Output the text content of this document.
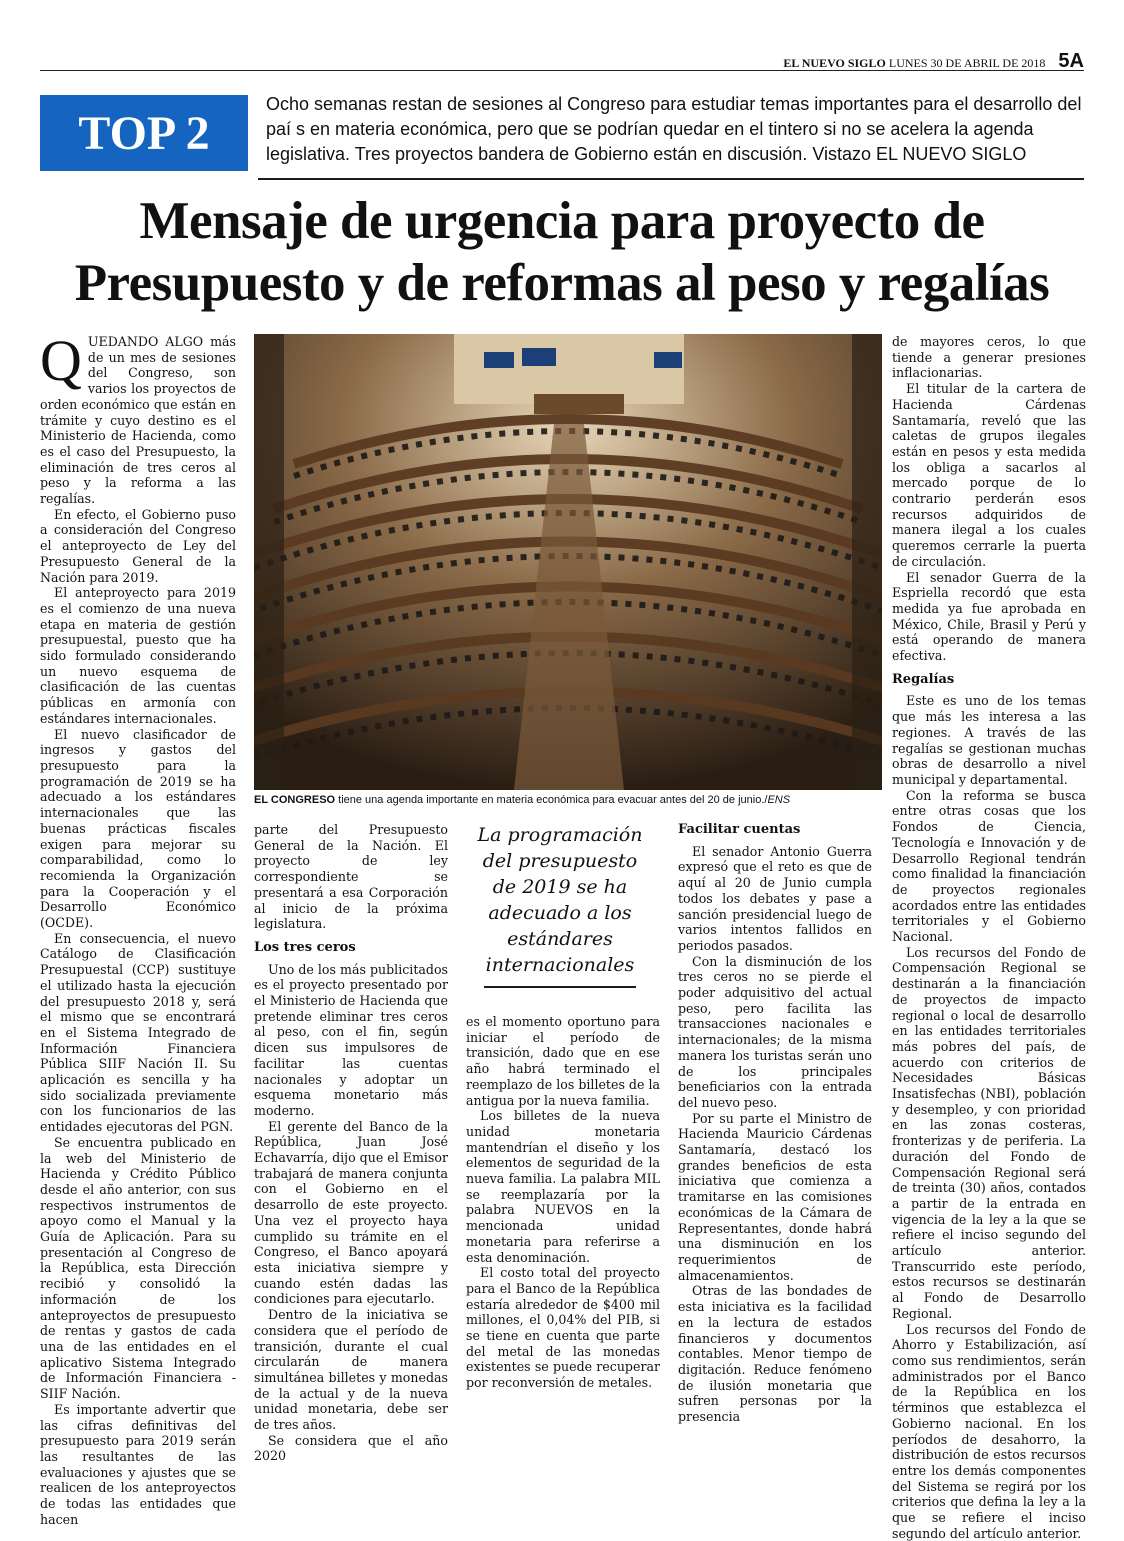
EL NUEVO SIGLO LUNES 30 DE ABRIL DE 2018 5A
TOP 2
Ocho semanas restan de sesiones al Congreso para estudiar temas importantes para el desarrollo del paí s en materia económica, pero que se podrían quedar en el tintero si no se acelera la agenda legislativa. Tres proyectos bandera de Gobierno están en discusión. Vistazo EL NUEVO SIGLO
Mensaje de urgencia para proyecto de
Presupuesto y de reformas al peso y regalías

QUEDANDO ALGO más de un mes de sesiones del Congreso, son varios los proyectos de orden económico que están en trámite y cuyo destino es el Ministerio de Hacienda, como es el caso del Presupuesto, la eliminación de tres ceros al peso y la reforma a las regalías.

En efecto, el Gobierno puso a consideración del Congreso el anteproyecto de Ley del Presupuesto General de la Nación para 2019.

El anteproyecto para 2019 es el comienzo de una nueva etapa en materia de gestión presupuestal, puesto que ha sido formulado considerando un nuevo esquema de clasificación de las cuentas públicas en armonía con estándares internacionales.

El nuevo clasificador de ingresos y gastos del presupuesto para la programación de 2019 se ha adecuado a los estándares internacionales que las buenas prácticas fiscales exigen para mejorar su comparabilidad, como lo recomienda la Organización para la Cooperación y el Desarrollo Económico (OCDE).

En consecuencia, el nuevo Catálogo de Clasificación Presupuestal (CCP) sustituye el utilizado hasta la ejecución del presupuesto 2018 y, será el mismo que se encontrará en el Sistema Integrado de Información Financiera Pública SIIF Nación II. Su aplicación es sencilla y ha sido socializada previamente con los funcionarios de las entidades ejecutoras del PGN.

Se encuentra publicado en la web del Ministerio de Hacienda y Crédito Público desde el año anterior, con sus respectivos instrumentos de apoyo como el Manual y la Guía de Aplicación. Para su presentación al Congreso de la República, esta Dirección recibió y consolidó la información de los anteproyectos de presupuesto de rentas y gastos de cada una de las entidades en el aplicativo Sistema Integrado de Información Financiera - SIIF Nación.

Es importante advertir que las cifras definitivas del presupuesto para 2019 serán las resultantes de las evaluaciones y ajustes que se realicen de los anteproyectos de todas las entidades que hacen

EL CONGRESO tiene una agenda importante en materia económica para evacuar antes del 20 de junio./ENS

parte del Presupuesto General de la Nación. El proyecto de ley correspondiente se presentará a esa Corporación al inicio de la próxima legislatura.

Los tres ceros

Uno de los más publicitados es el proyecto presentado por el Ministerio de Hacienda que pretende eliminar tres ceros al peso, con el fin, según dicen sus impulsores de facilitar las cuentas nacionales y adoptar un esquema monetario más moderno.

El gerente del Banco de la República, Juan José Echavarría, dijo que el Emisor trabajará de manera conjunta con el Gobierno en el desarrollo de este proyecto. Una vez el proyecto haya cumplido su trámite en el Congreso, el Banco apoyará esta iniciativa siempre y cuando estén dadas las condiciones para ejecutarlo.

Dentro de la iniciativa se considera que el período de transición, durante el cual circularán de manera simultánea billetes y monedas de la actual y de la nueva unidad monetaria, debe ser de tres años.

Se considera que el año 2020

La programación del presupuesto de 2019 se ha adecuado a los estándares internacionales

es el momento oportuno para iniciar el período de transición, dado que en ese año habrá terminado el reemplazo de los billetes de la antigua por la nueva familia.

Los billetes de la nueva unidad monetaria mantendrían el diseño y los elementos de seguridad de la nueva familia. La palabra MIL se reemplazaría por la palabra NUEVOS en la mencionada unidad monetaria para referirse a esta denominación.

El costo total del proyecto para el Banco de la República estaría alrededor de $400 mil millones, el 0,04% del PIB, si se tiene en cuenta que parte del metal de las monedas existentes se puede recuperar por reconversión de metales.

Facilitar cuentas

El senador Antonio Guerra expresó que el reto es que de aquí al 20 de Junio cumpla todos los debates y pase a sanción presidencial luego de varios intentos fallidos en periodos pasados.

Con la disminución de los tres ceros no se pierde el poder adquisitivo del actual peso, pero facilita las transacciones nacionales e internacionales; de la misma manera los turistas serán uno de los principales beneficiarios con la entrada del nuevo peso.

Por su parte el Ministro de Hacienda Mauricio Cárdenas Santamaría, destacó los grandes beneficios de esta iniciativa que comienza a tramitarse en las comisiones económicas de la Cámara de Representantes, donde habrá una disminución en los requerimientos de almacenamientos.

Otras de las bondades de esta iniciativa es la facilidad en la lectura de estados financieros y documentos contables. Menor tiempo de digitación. Reduce fenómeno de ilusión monetaria que sufren personas por la presencia

de mayores ceros, lo que tiende a generar presiones inflacionarias.

El titular de la cartera de Hacienda Cárdenas Santamaría, reveló que las caletas de grupos ilegales están en pesos y esta medida los obliga a sacarlos al mercado porque de lo contrario perderán esos recursos adquiridos de manera ilegal a los cuales queremos cerrarle la puerta de circulación.

El senador Guerra de la Espriella recordó que esta medida ya fue aprobada en México, Chile, Brasil y Perú y está operando de manera efectiva.

Regalías

Este es uno de los temas que más les interesa a las regiones. A través de las regalías se gestionan muchas obras de desarrollo a nivel municipal y departamental.

Con la reforma se busca entre otras cosas que los Fondos de Ciencia, Tecnología e Innovación y de Desarrollo Regional tendrán como finalidad la financiación de proyectos regionales acordados entre las entidades territoriales y el Gobierno Nacional.

Los recursos del Fondo de Compensación Regional se destinarán a la financiación de proyectos de impacto regional o local de desarrollo en las entidades territoriales más pobres del país, de acuerdo con criterios de Necesidades Básicas Insatisfechas (NBI), población y desempleo, y con prioridad en las zonas costeras, fronterizas y de periferia. La duración del Fondo de Compensación Regional será de treinta (30) años, contados a partir de la entrada en vigencia de la ley a la que se refiere el inciso segundo del artículo anterior. Transcurrido este período, estos recursos se destinarán al Fondo de Desarrollo Regional.

Los recursos del Fondo de Ahorro y Estabilización, así como sus rendimientos, serán administrados por el Banco de la República en los términos que establezca el Gobierno nacional. En los períodos de desahorro, la distribución de estos recursos entre los demás componentes del Sistema se regirá por los criterios que defina la ley a la que se refiere el inciso segundo del artículo anterior.
